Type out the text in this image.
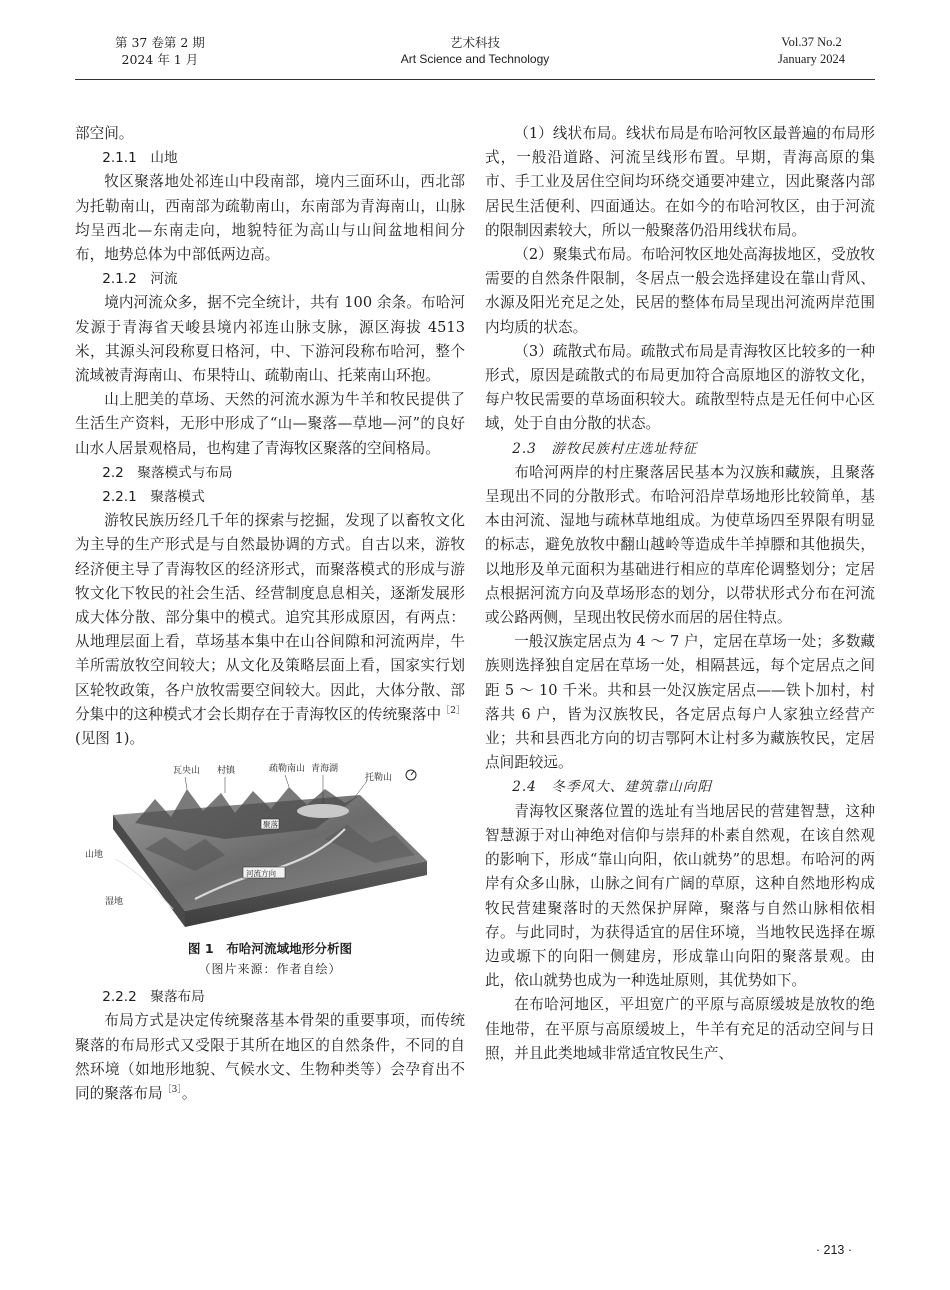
第 37 卷第 2 期
2024 年 1 月
艺术科技
Art Science and Technology
Vol.37 No.2
January 2024

部空间。

2.1.1　山地

牧区聚落地处祁连山中段南部，境内三面环山，西北部为托勒南山，西南部为疏勒南山，东南部为青海南山，山脉均呈西北—东南走向，地貌特征为高山与山间盆地相间分布，地势总体为中部低两边高。

2.1.2　河流

境内河流众多，据不完全统计，共有 100 余条。布哈河发源于青海省天峻县境内祁连山脉支脉，源区海拔 4513 米，其源头河段称夏日格河，中、下游河段称布哈河，整个流域被青海南山、布果特山、疏勒南山、托莱南山环抱。

山上肥美的草场、天然的河流水源为牛羊和牧民提供了生活生产资料，无形中形成了“山—聚落—草地—河”的良好山水人居景观格局，也构建了青海牧区聚落的空间格局。

2.2　聚落模式与布局

2.2.1　聚落模式

游牧民族历经几千年的探索与挖掘，发现了以畜牧文化为主导的生产形式是与自然最协调的方式。自古以来，游牧经济便主导了青海牧区的经济形式，而聚落模式的形成与游牧文化下牧民的社会生活、经营制度息息相关，逐渐发展形成大体分散、部分集中的模式。追究其形成原因，有两点：从地理层面上看，草场基本集中在山谷间隙和河流两岸，牛羊所需放牧空间较大；从文化及策略层面上看，国家实行划区轮牧政策，各户放牧需要空间较大。因此，大体分散、部分集中的这种模式才会长期存在于青海牧区的传统聚落中$^{[2]}$(见图 1)。

瓦央山 村镇	疏勒南山 青海湖
托勒山
聚落
山地
河流方向
湿地
图 1　布哈河流域地形分析图
（图片来源：作者自绘）

2.2.2　聚落布局

布局方式是决定传统聚落基本骨架的重要事项，而传统聚落的布局形式又受限于其所在地区的自然条件，不同的自然环境（如地形地貌、气候水文、生物种类等）会孕育出不同的聚落布局$^{[3]}$。

（1）线状布局。线状布局是布哈河牧区最普遍的布局形式，一般沿道路、河流呈线形布置。早期，青海高原的集市、手工业及居住空间均环绕交通要冲建立，因此聚落内部居民生活便利、四面通达。在如今的布哈河牧区，由于河流的限制因素较大，所以一般聚落仍沿用线状布局。

（2）聚集式布局。布哈河牧区地处高海拔地区，受放牧需要的自然条件限制，冬居点一般会选择建设在靠山背风、水源及阳光充足之处，民居的整体布局呈现出河流两岸范围内均质的状态。

（3）疏散式布局。疏散式布局是青海牧区比较多的一种形式，原因是疏散式的布局更加符合高原地区的游牧文化，每户牧民需要的草场面积较大。疏散型特点是无任何中心区域，处于自由分散的状态。

2.3　游牧民族村庄选址特征

布哈河两岸的村庄聚落居民基本为汉族和藏族，且聚落呈现出不同的分散形式。布哈河沿岸草场地形比较简单，基本由河流、湿地与疏林草地组成。为使草场四至界限有明显的标志，避免放牧中翻山越岭等造成牛羊掉膘和其他损失，以地形及单元面积为基础进行相应的草库伦调整划分；定居点根据河流方向及草场形态的划分，以带状形式分布在河流或公路两侧，呈现出牧民傍水而居的居住特点。

一般汉族定居点为 4 ～ 7 户，定居在草场一处；多数藏族则选择独自定居在草场一处，相隔甚远，每个定居点之间距 5 ～ 10 千米。共和县一处汉族定居点——铁卜加村，村落共 6 户，皆为汉族牧民，各定居点每户人家独立经营产业；共和县西北方向的切吉鄂阿木让村多为藏族牧民，定居点间距较远。

2.4　冬季风大、建筑靠山向阳

青海牧区聚落位置的选址有当地居民的营建智慧，这种智慧源于对山神绝对信仰与崇拜的朴素自然观，在该自然观的影响下，形成“靠山向阳，依山就势”的思想。布哈河的两岸有众多山脉，山脉之间有广阔的草原，这种自然地形构成牧民营建聚落时的天然保护屏障，聚落与自然山脉相依相存。与此同时，为获得适宜的居住环境，当地牧民选择在塬边或塬下的向阳一侧建房，形成靠山向阳的聚落景观。由此，依山就势也成为一种选址原则，其优势如下。

在布哈河地区，平坦宽广的平原与高原缓坡是放牧的绝佳地带，在平原与高原缓坡上，牛羊有充足的活动空间与日照，并且此类地域非常适宜牧民生产、

· 213 ·
